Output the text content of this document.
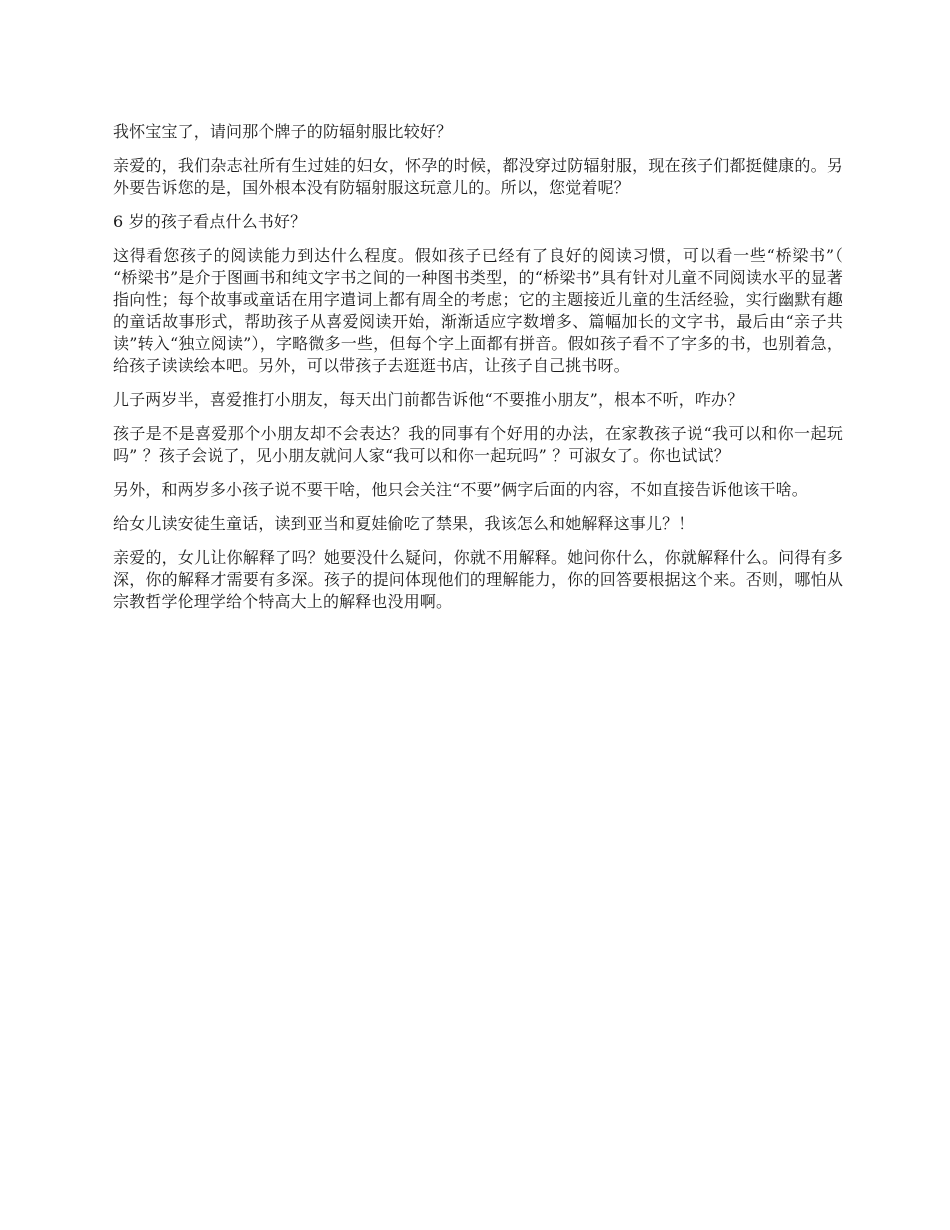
我怀宝宝了，请问那个牌子的防辐射服比较好？

亲爱的，我们杂志社所有生过娃的妇女，怀孕的时候，都没穿过防辐射服，现在孩子们都挺健康的。另外要告诉您的是，国外根本没有防辐射服这玩意儿的。所以，您觉着呢？

6 岁的孩子看点什么书好？

这得看您孩子的阅读能力到达什么程度。假如孩子已经有了良好的阅读习惯，可以看一些“桥梁书”（ “桥梁书”是介于图画书和纯文字书之间的一种图书类型，的“桥梁书”具有针对儿童不同阅读水平的显著指向性；每个故事或童话在用字遣词上都有周全的考虑；它的主题接近儿童的生活经验，实行幽默有趣的童话故事形式，帮助孩子从喜爱阅读开始，渐渐适应字数增多、篇幅加长的文字书，最后由“亲子共读”转入“独立阅读”），字略微多一些，但每个字上面都有拼音。假如孩子看不了字多的书，也别着急，给孩子读读绘本吧。另外，可以带孩子去逛逛书店，让孩子自己挑书呀。

儿子两岁半，喜爱推打小朋友，每天出门前都告诉他“不要推小朋友”，根本不听，咋办？

孩子是不是喜爱那个小朋友却不会表达？我的同事有个好用的办法，在家教孩子说“我可以和你一起玩吗” ？孩子会说了，见小朋友就问人家“我可以和你一起玩吗” ？可淑女了。你也试试？

另外，和两岁多小孩子说不要干啥，他只会关注“不要”俩字后面的内容，不如直接告诉他该干啥。

给女儿读安徒生童话，读到亚当和夏娃偷吃了禁果，我该怎么和她解释这事儿？！

亲爱的，女儿让你解释了吗？她要没什么疑问，你就不用解释。她问你什么，你就解释什么。问得有多深，你的解释才需要有多深。孩子的提问体现他们的理解能力，你的回答要根据这个来。否则，哪怕从宗教哲学伦理学给个特高大上的解释也没用啊。
